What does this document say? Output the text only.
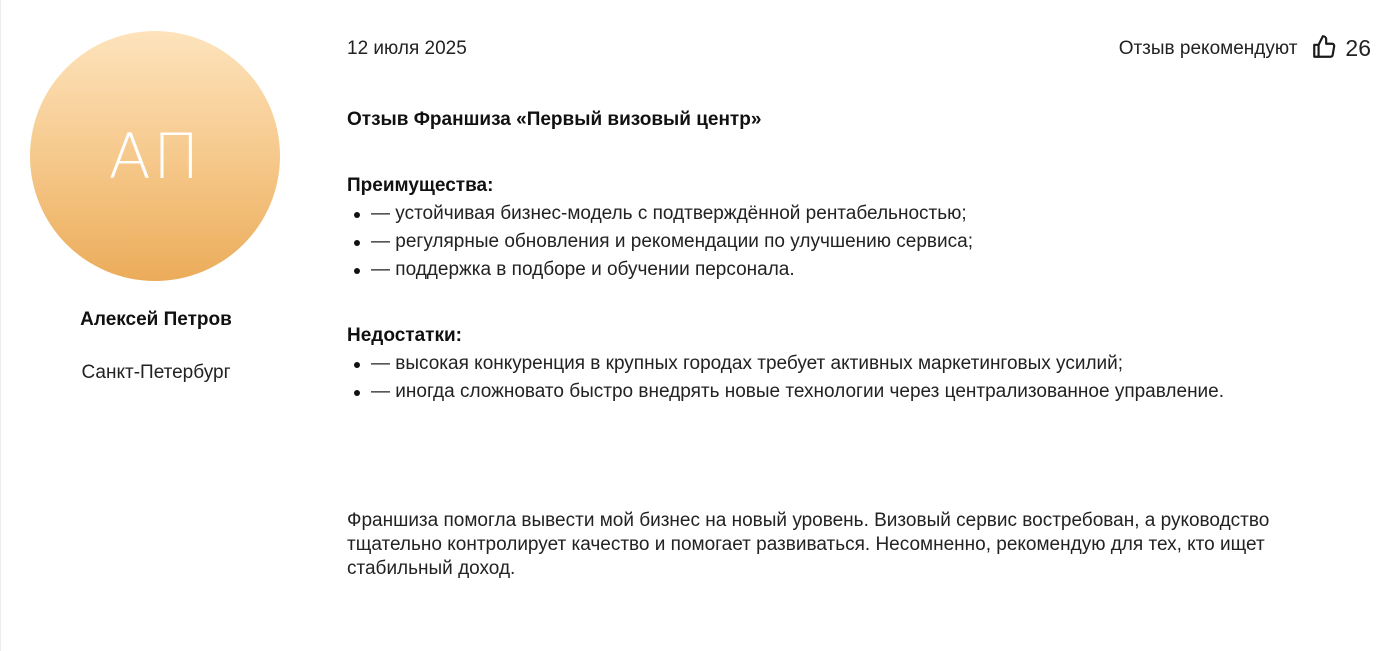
АП
Алексей Петров
Санкт-Петербург
12 июля 2025	Отзыв рекомендуют 26
Отзыв Франшиза «Первый визовый центр»
Преимущества:
— устойчивая бизнес-модель с подтверждённой рентабельностью;
— регулярные обновления и рекомендации по улучшению сервиса;
— поддержка в подборе и обучении персонала.
Недостатки:
— высокая конкуренция в крупных городах требует активных маркетинговых усилий;
— иногда сложновато быстро внедрять новые технологии через централизованное управление.
Франшиза помогла вывести мой бизнес на новый уровень. Визовый сервис востребован, а руководство тщательно контролирует качество и помогает развиваться. Несомненно, рекомендую для тех, кто ищет стабильный доход.
